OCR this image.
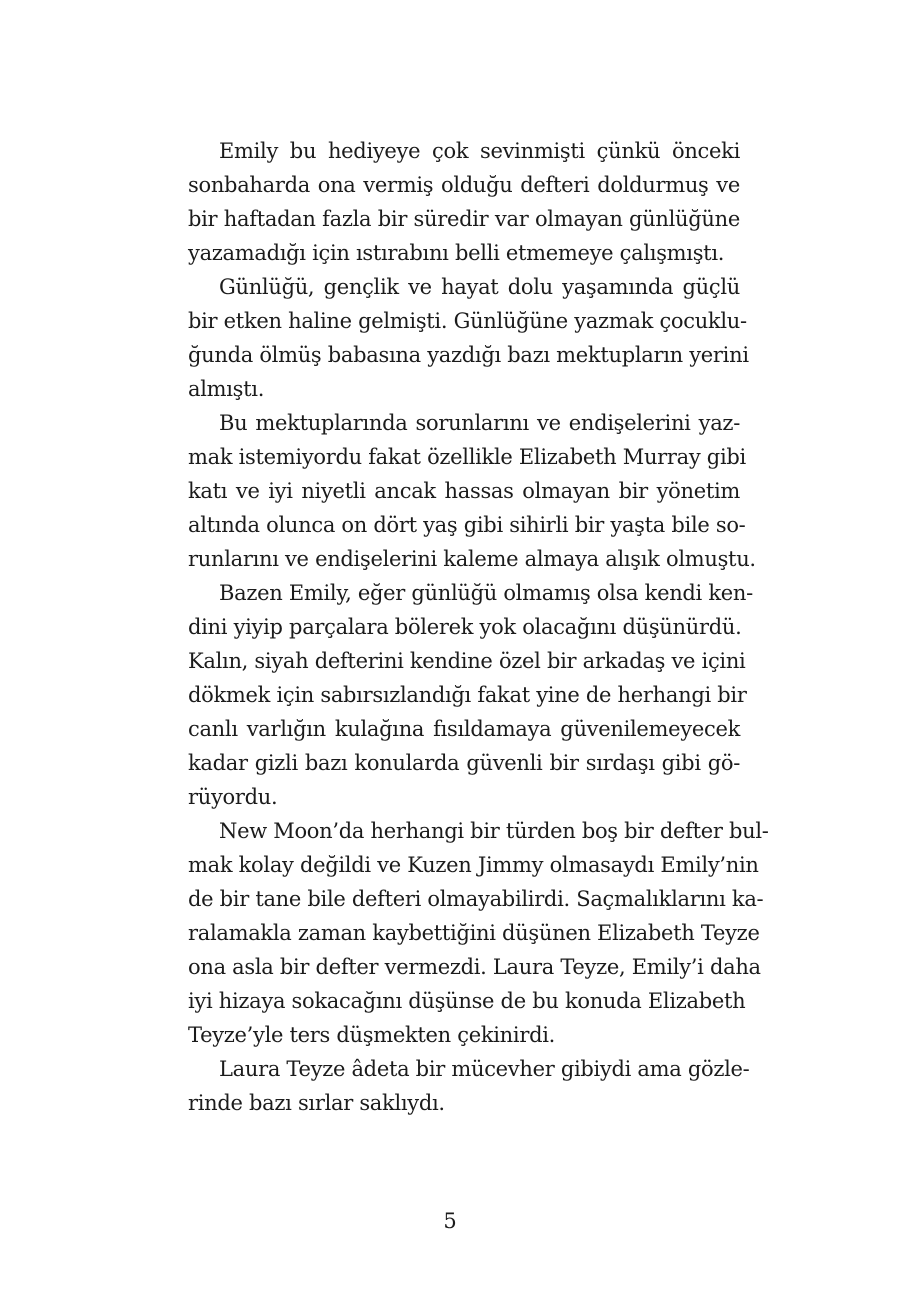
Emily bu hediyeye çok sevinmişti çünkü önceki
sonbaharda ona vermiş olduğu defteri doldurmuş ve
bir haftadan fazla bir süredir var olmayan günlüğüne
yazamadığı için ıstırabını belli etmemeye çalışmıştı.

Günlüğü, gençlik ve hayat dolu yaşamında güçlü
bir etken haline gelmişti. Günlüğüne yazmak çocuklu-
ğunda ölmüş babasına yazdığı bazı mektupların yerini
almıştı.

Bu mektuplarında sorunlarını ve endişelerini yaz-
mak istemiyordu fakat özellikle Elizabeth Murray gibi
katı ve iyi niyetli ancak hassas olmayan bir yönetim
altında olunca on dört yaş gibi sihirli bir yaşta bile so-
runlarını ve endişelerini kaleme almaya alışık olmuştu.

Bazen Emily, eğer günlüğü olmamış olsa kendi ken-
dini yiyip parçalara bölerek yok olacağını düşünürdü.
Kalın, siyah defterini kendine özel bir arkadaş ve içini
dökmek için sabırsızlandığı fakat yine de herhangi bir
canlı varlığın kulağına fısıldamaya güvenilemeyecek
kadar gizli bazı konularda güvenli bir sırdaşı gibi gö-
rüyordu.

New Moon’da herhangi bir türden boş bir defter bul-
mak kolay değildi ve Kuzen Jimmy olmasaydı Emily’nin
de bir tane bile defteri olmayabilirdi. Saçmalıklarını ka-
ralamakla zaman kaybettiğini düşünen Elizabeth Teyze
ona asla bir defter vermezdi. Laura Teyze, Emily’i daha
iyi hizaya sokacağını düşünse de bu konuda Elizabeth
Teyze’yle ters düşmekten çekinirdi.

Laura Teyze âdeta bir mücevher gibiydi ama gözle-
rinde bazı sırlar saklıydı.

5
